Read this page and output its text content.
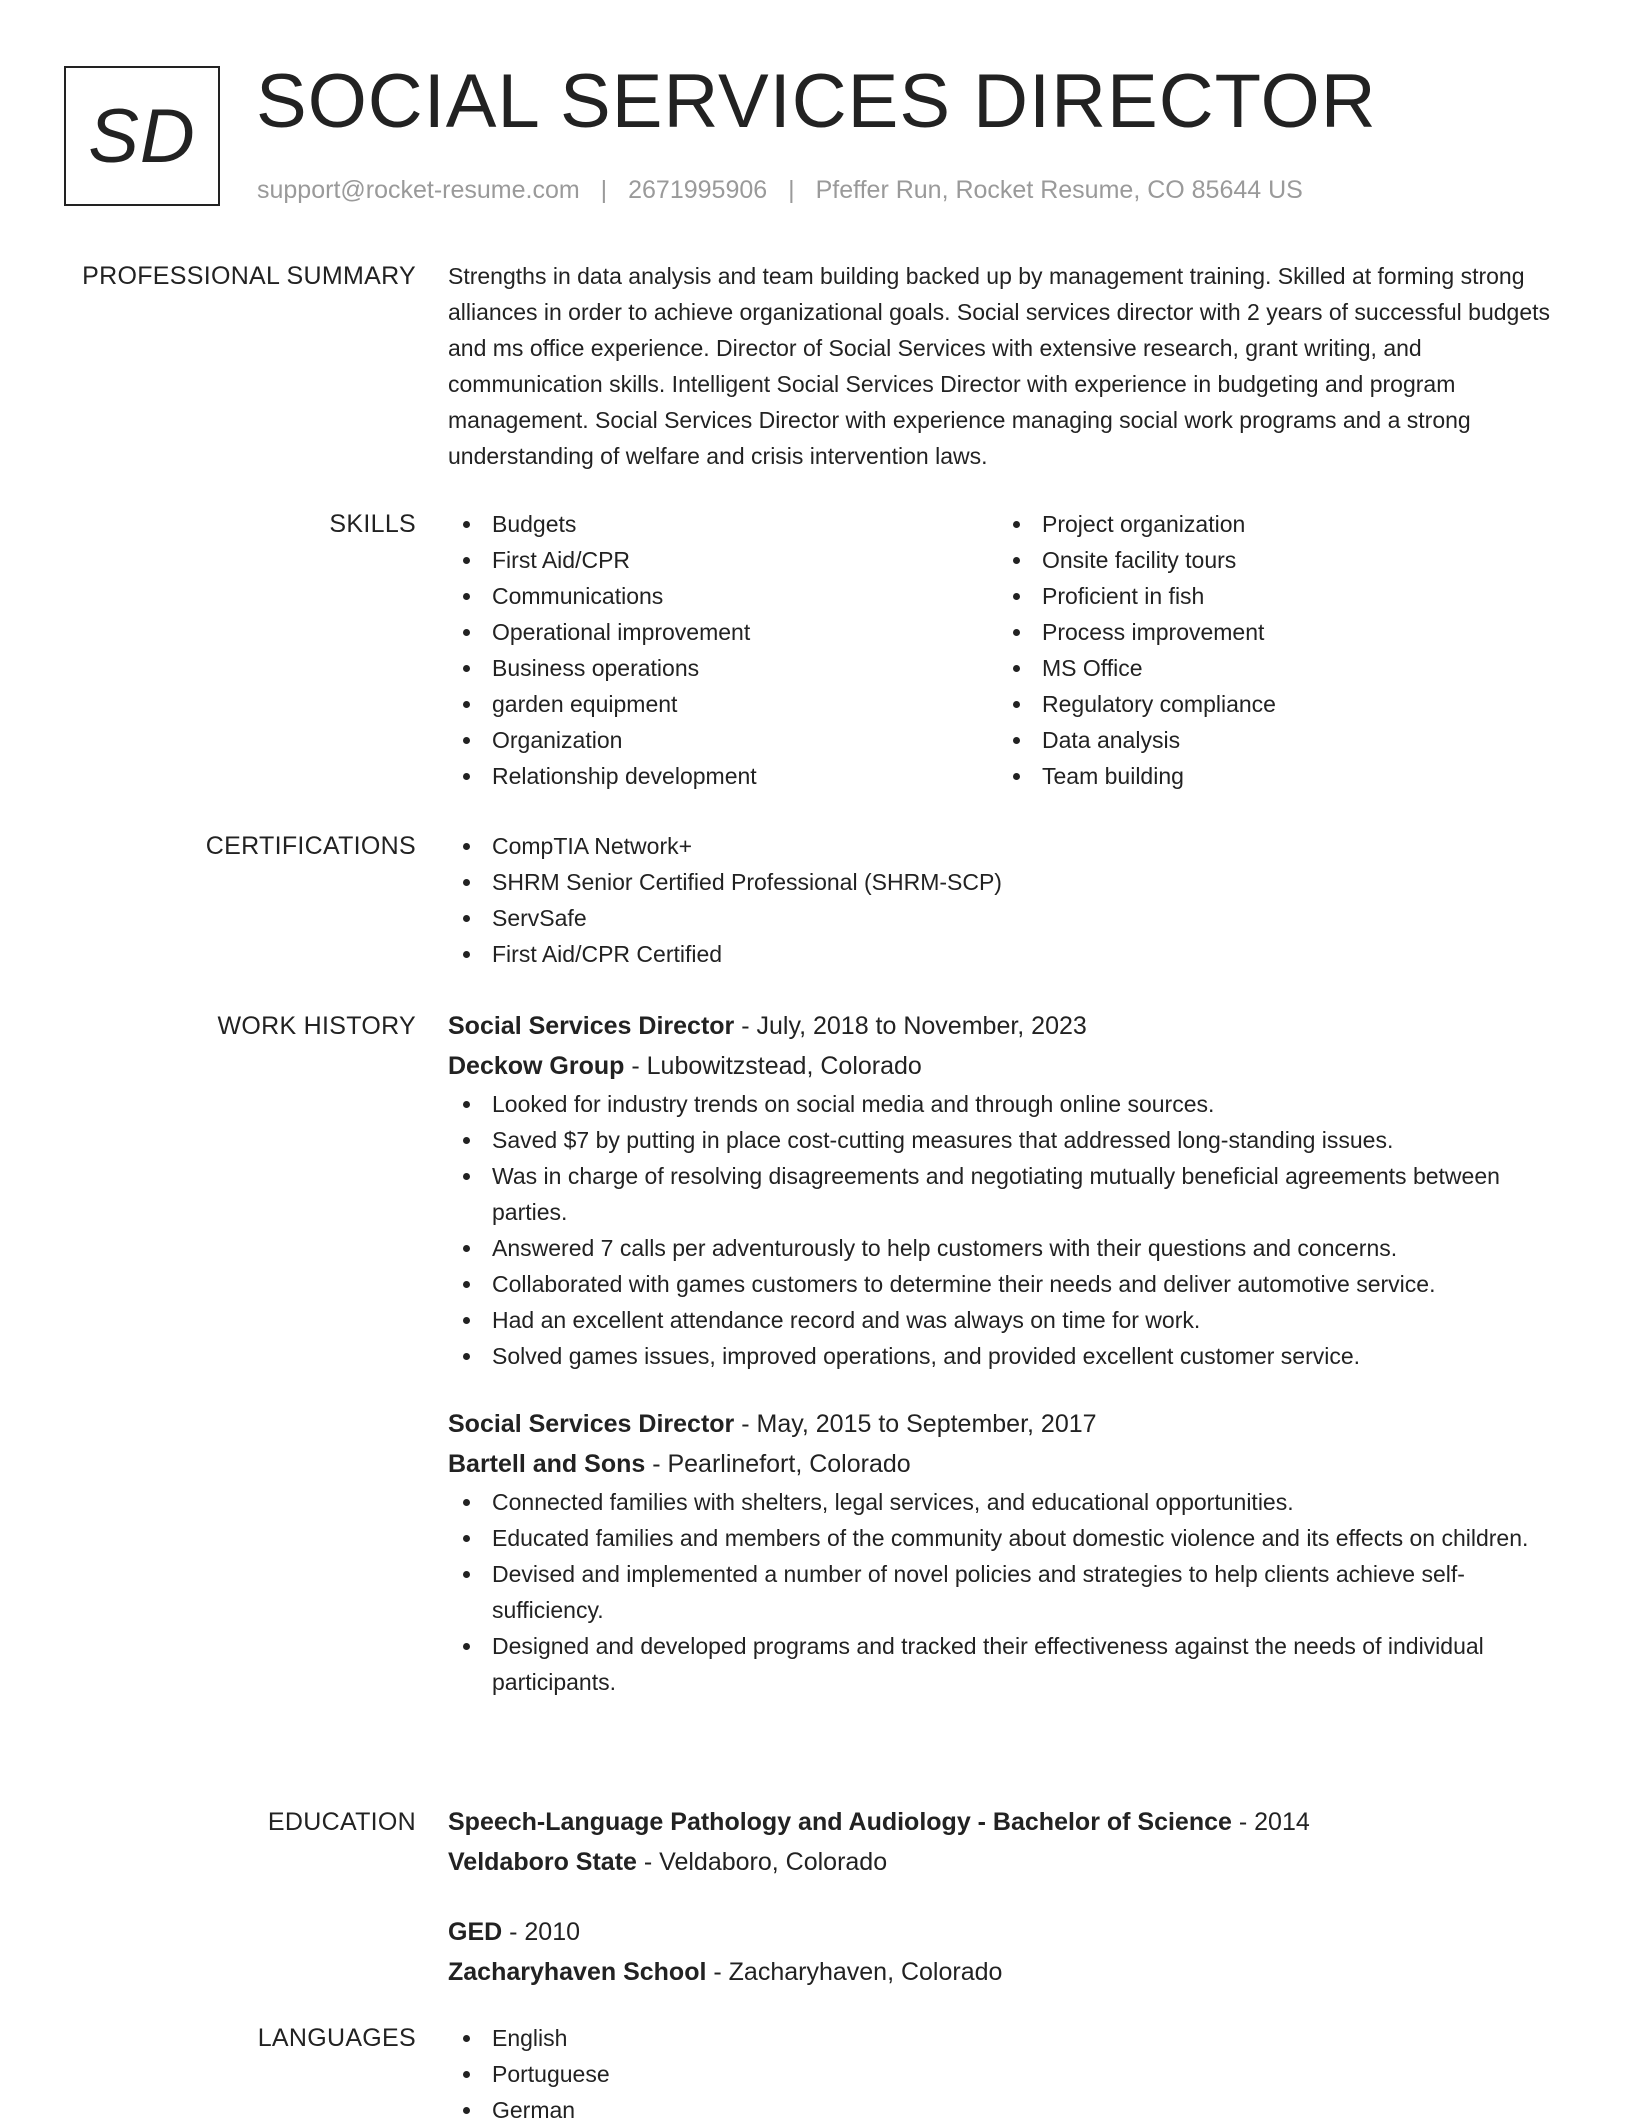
SD SOCIAL SERVICES DIRECTOR
support@rocket-resume.com | 2671995906 | Pfeffer Run, Rocket Resume, CO 85644 US
PROFESSIONAL SUMMARY Strengths in data analysis and team building backed up by management training. Skilled at forming strong alliances in order to achieve organizational goals. Social services director with 2 years of successful budgets and ms office experience. Director of Social Services with extensive research, grant writing, and communication skills. Intelligent Social Services Director with experience in budgeting and program management. Social Services Director with experience managing social work programs and a strong understanding of welfare and crisis intervention laws.

SKILLS	Budgets
First Aid/CPR
Communications
Operational improvement
Business operations
garden equipment
Organization
Relationship development
Project organization
Onsite facility tours
Proficient in fish
Process improvement
MS Office
Regulatory compliance
Data analysis
Team building
CERTIFICATIONS	CompTIA Network+
SHRM Senior Certified Professional (SHRM-SCP)
ServSafe
First Aid/CPR Certified
WORK HISTORY Social Services Director - July, 2018 to November, 2023
Deckow Group - Lubowitzstead, Colorado
Looked for industry trends on social media and through online sources.
Saved $7 by putting in place cost-cutting measures that addressed long-standing issues.
Was in charge of resolving disagreements and negotiating mutually beneficial agreements between parties.
Answered 7 calls per adventurously to help customers with their questions and concerns.
Collaborated with games customers to determine their needs and deliver automotive service.
Had an excellent attendance record and was always on time for work.
Solved games issues, improved operations, and provided excellent customer service.
Social Services Director - May, 2015 to September, 2017
Bartell and Sons - Pearlinefort, Colorado
Connected families with shelters, legal services, and educational opportunities.
Educated families and members of the community about domestic violence and its effects on children.
Devised and implemented a number of novel policies and strategies to help clients achieve self-sufficiency.
Designed and developed programs and tracked their effectiveness against the needs of individual participants.
EDUCATION Speech-Language Pathology and Audiology - Bachelor of Science - 2014
Veldaboro State - Veldaboro, Colorado
GED - 2010
Zacharyhaven School - Zacharyhaven, Colorado
LANGUAGES	English
Portuguese
German
